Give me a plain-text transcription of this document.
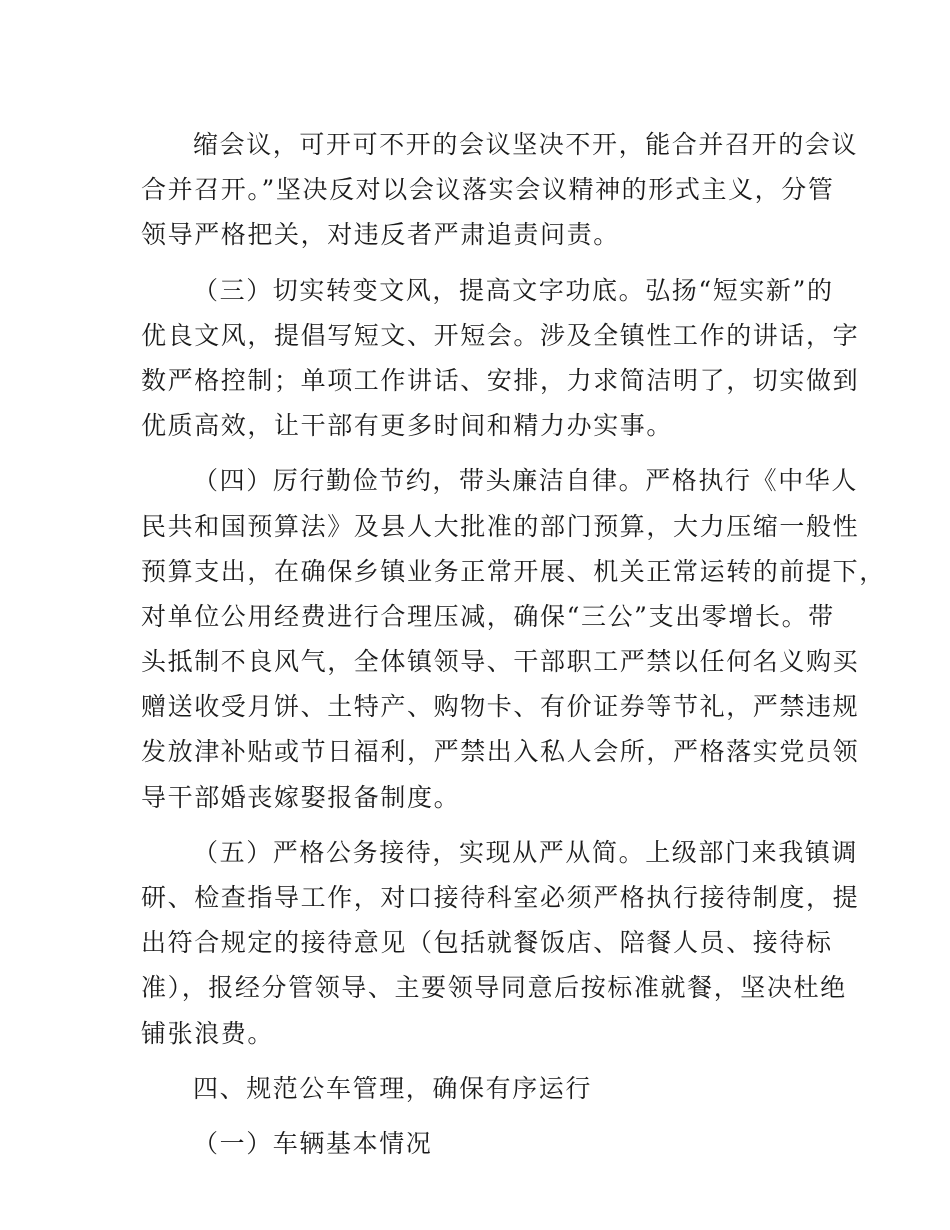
缩会议，可开可不开的会议坚决不开，能合并召开的会议
合并召开。”坚决反对以会议落实会议精神的形式主义，分管
领导严格把关，对违反者严肃追责问责。
（三）切实转变文风，提高文字功底。弘扬“短实新”的
优良文风，提倡写短文、开短会。涉及全镇性工作的讲话，字
数严格控制；单项工作讲话、安排，力求简洁明了，切实做到
优质高效，让干部有更多时间和精力办实事。
（四）厉行勤俭节约，带头廉洁自律。严格执行《中华人
民共和国预算法》及县人大批准的部门预算，大力压缩一般性
预算支出，在确保乡镇业务正常开展、机关正常运转的前提下，
对单位公用经费进行合理压减，确保“三公”支出零增长。带
头抵制不良风气，全体镇领导、干部职工严禁以任何名义购买
赠送收受月饼、土特产、购物卡、有价证券等节礼，严禁违规
发放津补贴或节日福利，严禁出入私人会所，严格落实党员领
导干部婚丧嫁娶报备制度。
（五）严格公务接待，实现从严从简。上级部门来我镇调
研、检查指导工作，对口接待科室必须严格执行接待制度，提
出符合规定的接待意见（包括就餐饭店、陪餐人员、接待标
准），报经分管领导、主要领导同意后按标准就餐，坚决杜绝
铺张浪费。
四、规范公车管理，确保有序运行
（一）车辆基本情况
